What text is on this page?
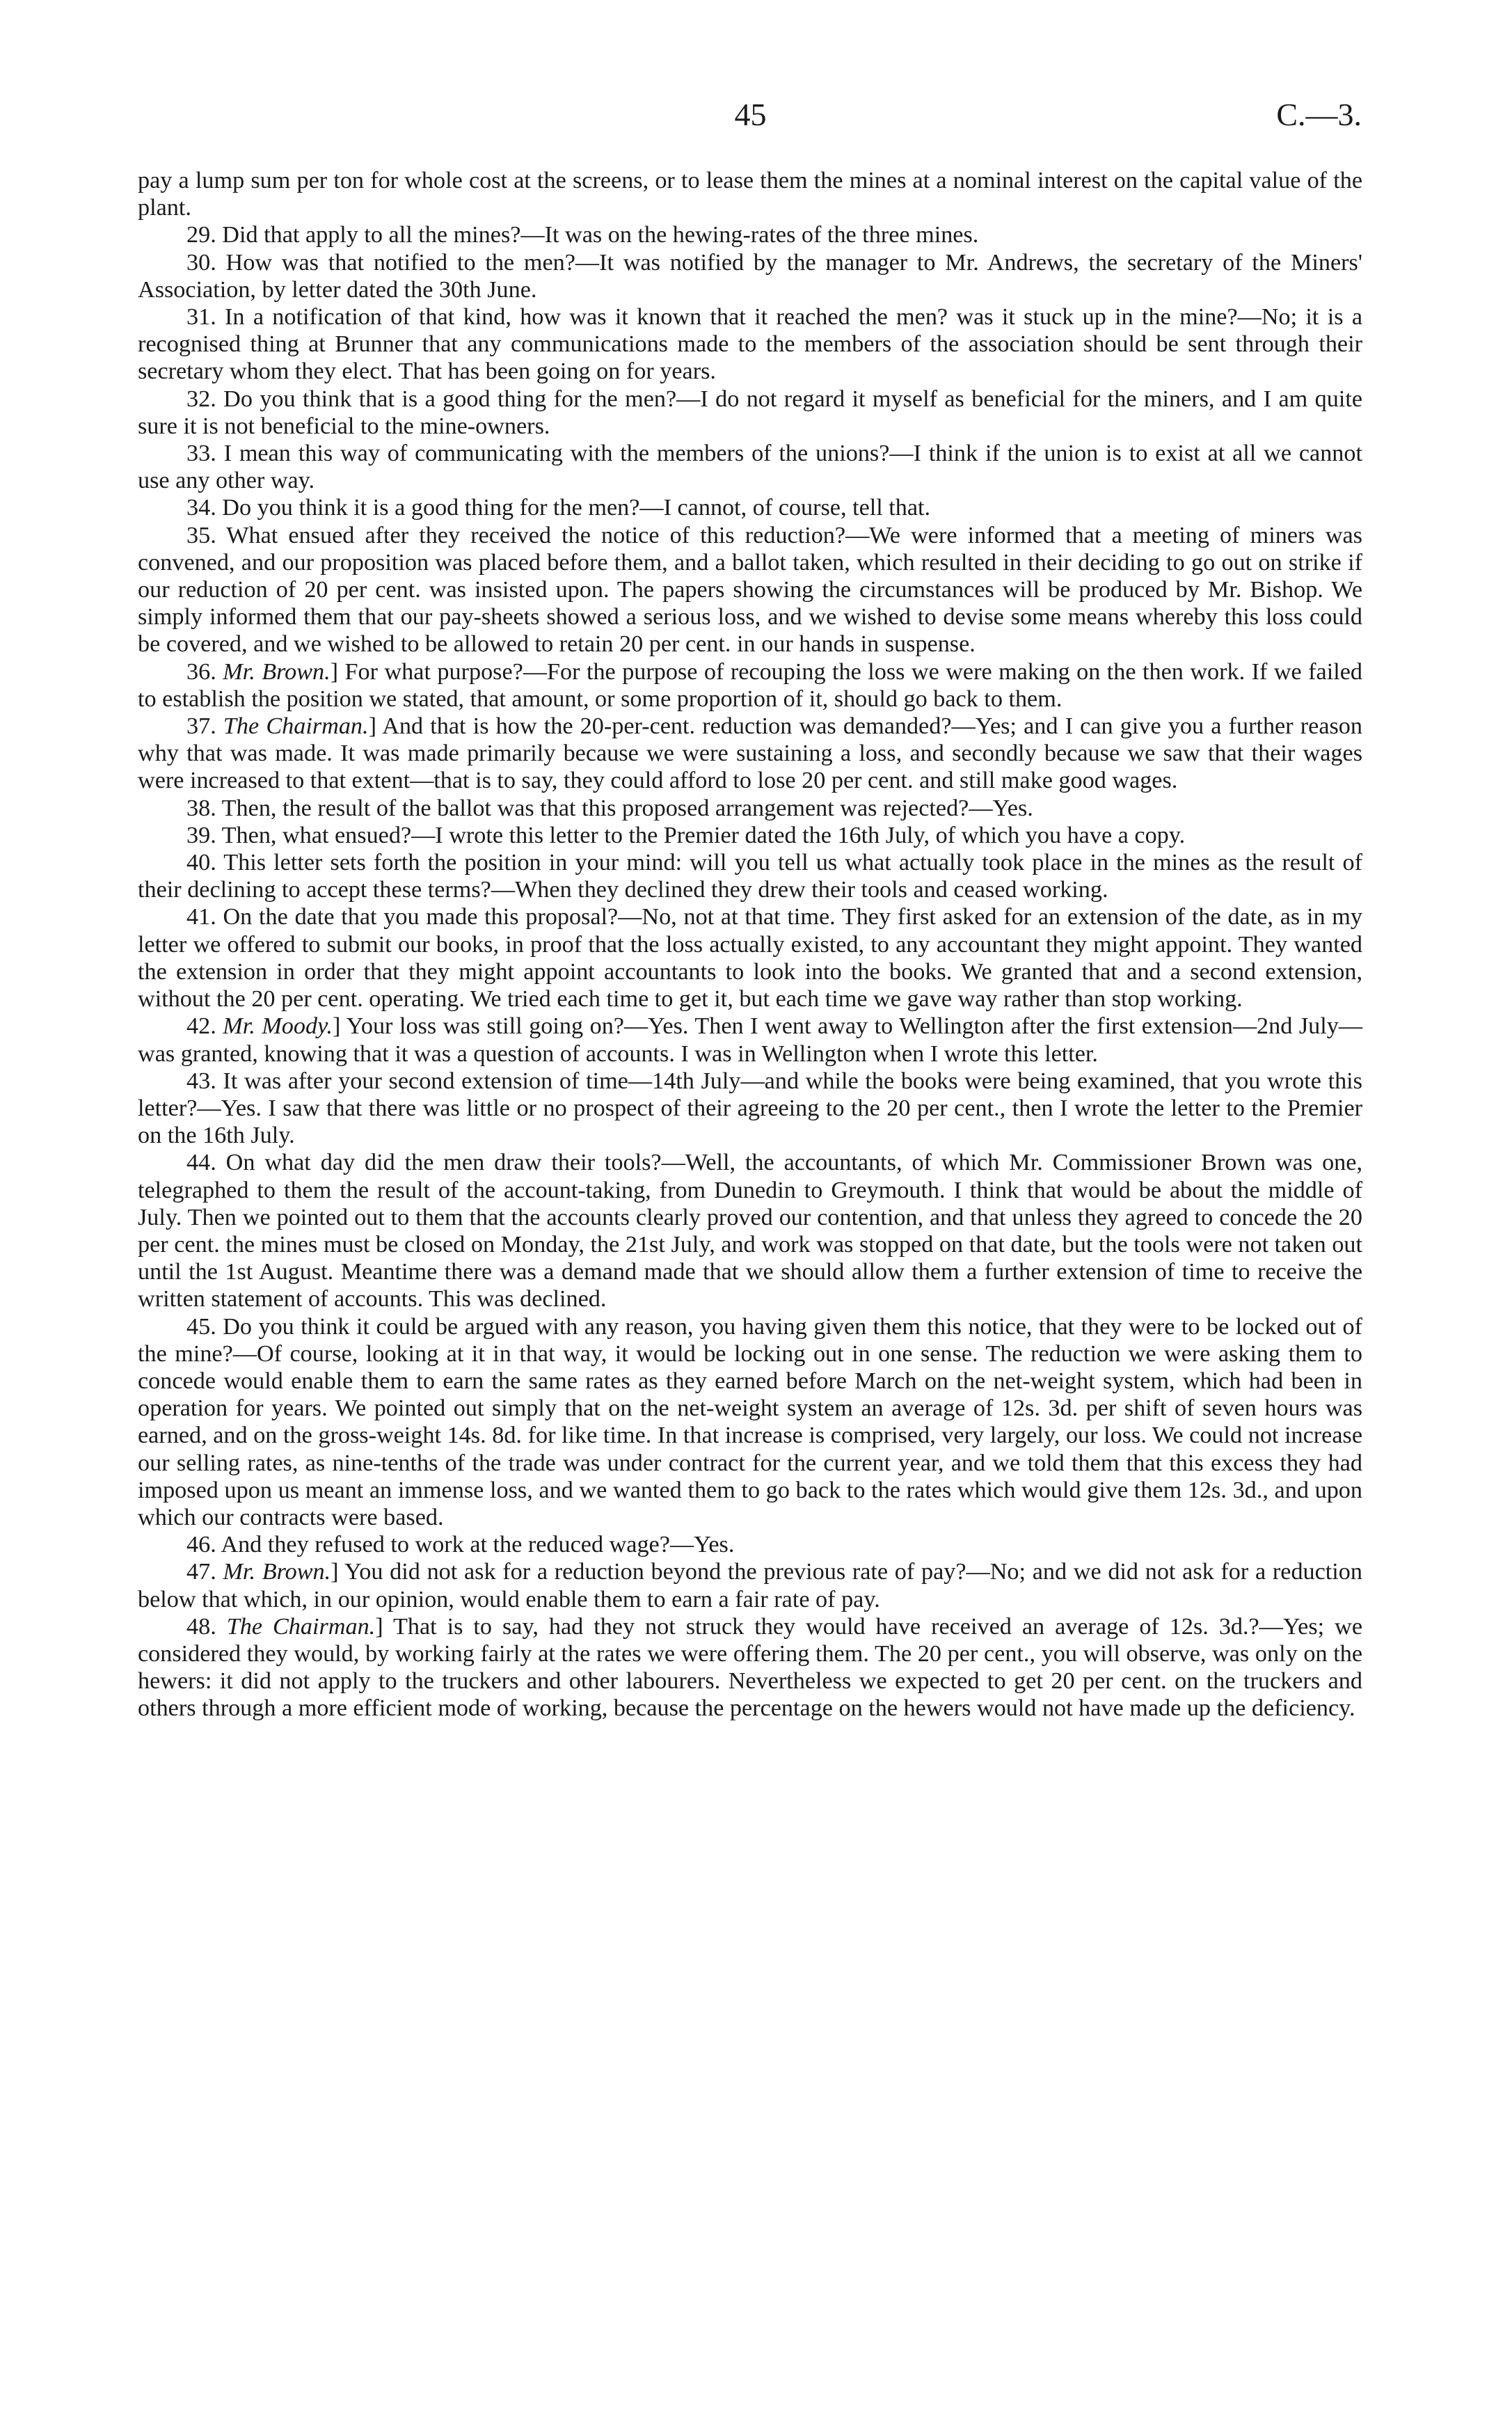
45	C.—3.

pay a lump sum per ton for whole cost at the screens, or to lease them the mines at a nominal interest on the capital value of the plant.

29. Did that apply to all the mines?—It was on the hewing-rates of the three mines.

30. How was that notified to the men?—It was notified by the manager to Mr. Andrews, the secretary of the Miners' Association, by letter dated the 30th June.

31. In a notification of that kind, how was it known that it reached the men? was it stuck up in the mine?—No; it is a recognised thing at Brunner that any communications made to the members of the association should be sent through their secretary whom they elect. That has been going on for years.

32. Do you think that is a good thing for the men?—I do not regard it myself as beneficial for the miners, and I am quite sure it is not beneficial to the mine-owners.

33. I mean this way of communicating with the members of the unions?—I think if the union is to exist at all we cannot use any other way.

34. Do you think it is a good thing for the men?—I cannot, of course, tell that.

35. What ensued after they received the notice of this reduction?—We were informed that a meeting of miners was convened, and our proposition was placed before them, and a ballot taken, which resulted in their deciding to go out on strike if our reduction of 20 per cent. was insisted upon. The papers showing the circumstances will be produced by Mr. Bishop. We simply informed them that our pay-sheets showed a serious loss, and we wished to devise some means whereby this loss could be covered, and we wished to be allowed to retain 20 per cent. in our hands in suspense.

36. Mr. Brown.] For what purpose?—For the purpose of recouping the loss we were making on the then work. If we failed to establish the position we stated, that amount, or some proportion of it, should go back to them.

37. The Chairman.] And that is how the 20-per-cent. reduction was demanded?—Yes; and I can give you a further reason why that was made. It was made primarily because we were sustaining a loss, and secondly because we saw that their wages were increased to that extent—that is to say, they could afford to lose 20 per cent. and still make good wages.

38. Then, the result of the ballot was that this proposed arrangement was rejected?—Yes.

39. Then, what ensued?—I wrote this letter to the Premier dated the 16th July, of which you have a copy.

40. This letter sets forth the position in your mind: will you tell us what actually took place in the mines as the result of their declining to accept these terms?—When they declined they drew their tools and ceased working.

41. On the date that you made this proposal?—No, not at that time. They first asked for an extension of the date, as in my letter we offered to submit our books, in proof that the loss actually existed, to any accountant they might appoint. They wanted the extension in order that they might appoint accountants to look into the books. We granted that and a second extension, without the 20 per cent. operating. We tried each time to get it, but each time we gave way rather than stop working.

42. Mr. Moody.] Your loss was still going on?—Yes. Then I went away to Wellington after the first extension—2nd July—was granted, knowing that it was a question of accounts. I was in Wellington when I wrote this letter.

43. It was after your second extension of time—14th July—and while the books were being examined, that you wrote this letter?—Yes. I saw that there was little or no prospect of their agreeing to the 20 per cent., then I wrote the letter to the Premier on the 16th July.

44. On what day did the men draw their tools?—Well, the accountants, of which Mr. Commissioner Brown was one, telegraphed to them the result of the account-taking, from Dunedin to Greymouth. I think that would be about the middle of July. Then we pointed out to them that the accounts clearly proved our contention, and that unless they agreed to concede the 20 per cent. the mines must be closed on Monday, the 21st July, and work was stopped on that date, but the tools were not taken out until the 1st August. Meantime there was a demand made that we should allow them a further extension of time to receive the written statement of accounts. This was declined.

45. Do you think it could be argued with any reason, you having given them this notice, that they were to be locked out of the mine?—Of course, looking at it in that way, it would be locking out in one sense. The reduction we were asking them to concede would enable them to earn the same rates as they earned before March on the net-weight system, which had been in operation for years. We pointed out simply that on the net-weight system an average of 12s. 3d. per shift of seven hours was earned, and on the gross-weight 14s. 8d. for like time. In that increase is comprised, very largely, our loss. We could not increase our selling rates, as nine-tenths of the trade was under contract for the current year, and we told them that this excess they had imposed upon us meant an immense loss, and we wanted them to go back to the rates which would give them 12s. 3d., and upon which our contracts were based.

46. And they refused to work at the reduced wage?—Yes.

47. Mr. Brown.] You did not ask for a reduction beyond the previous rate of pay?—No; and we did not ask for a reduction below that which, in our opinion, would enable them to earn a fair rate of pay.

48. The Chairman.] That is to say, had they not struck they would have received an average of 12s. 3d.?—Yes; we considered they would, by working fairly at the rates we were offering them. The 20 per cent., you will observe, was only on the hewers: it did not apply to the truckers and other labourers. Nevertheless we expected to get 20 per cent. on the truckers and others through a more efficient mode of working, because the percentage on the hewers would not have made up the deficiency.
